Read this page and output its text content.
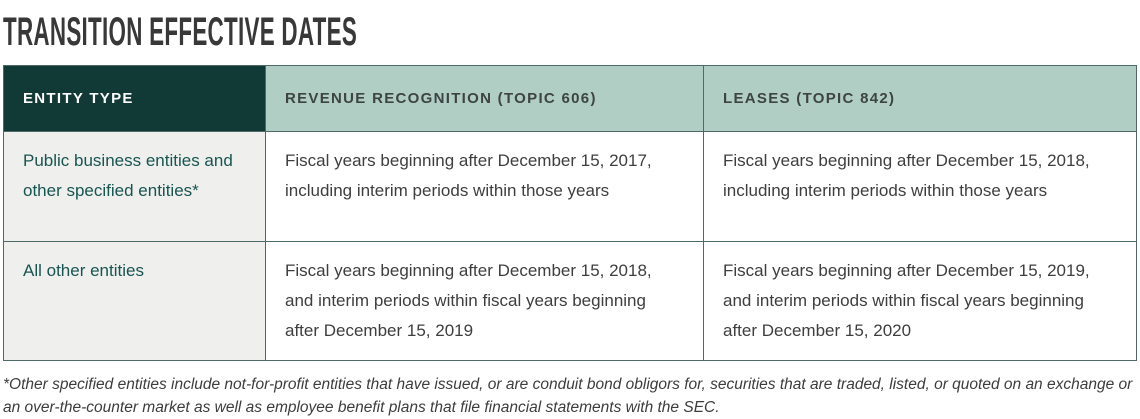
TRANSITION EFFECTIVE DATES
ENTITY TYPE	REVENUE RECOGNITION (TOPIC 606)	LEASES (TOPIC 842)
Public business entities and other specified entities*	Fiscal years beginning after December 15, 2017, including interim periods within those years	Fiscal years beginning after December 15, 2018, including interim periods within those years
All other entities	Fiscal years beginning after December 15, 2018, and interim periods within fiscal years beginning after December 15, 2019	Fiscal years beginning after December 15, 2019, and interim periods within fiscal years beginning after December 15, 2020

*Other specified entities include not-for-profit entities that have issued, or are conduit bond obligors for, securities that are traded, listed, or quoted on an exchange or an over-the-counter market as well as employee benefit plans that file financial statements with the SEC.
